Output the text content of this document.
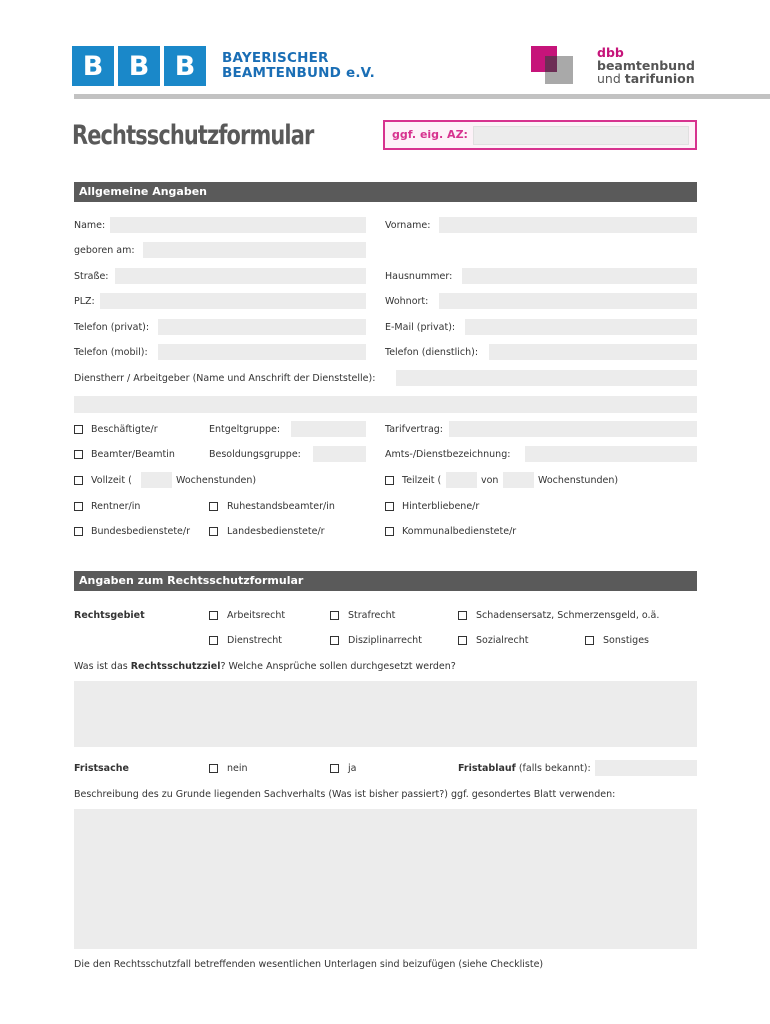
B B B	BAYERISCHER
BEAMTENBUND e.V.
dbb
beamtenbund
und tarifunion
Rechtsschutzformular	ggf. eig. AZ:
Allgemeine Angaben
Name:	Vorname:
geboren am:
Straße:	Hausnummer:
PLZ:	Wohnort:
Telefon (privat):	E-Mail (privat):
Telefon (mobil):	Telefon (dienstlich):
Dienstherr / Arbeitgeber (Name und Anschrift der Dienststelle):
Beschäftigte/r	Entgeltgruppe:	Tarifvertrag:
Beamter/Beamtin	Besoldungsgruppe:	Amts-/Dienstbezeichnung:
Vollzeit (	Wochenstunden)	Teilzeit (	von	Wochenstunden)
Rentner/in	Ruhestandsbeamter/in	Hinterbliebene/r
Bundesbedienstete/r	Landesbedienstete/r	Kommunalbedienstete/r
Angaben zum Rechtsschutzformular
Rechtsgebiet	Arbeitsrecht	Strafrecht	Schadensersatz, Schmerzensgeld, o.ä.
Dienstrecht	Disziplinarrecht	Sozialrecht	Sonstiges
Was ist das Rechtsschutzziel? Welche Ansprüche sollen durchgesetzt werden?
Fristsache	nein	ja	Fristablauf (falls bekannt):
Beschreibung des zu Grunde liegenden Sachverhalts (Was ist bisher passiert?) ggf. gesondertes Blatt verwenden:
Die den Rechtsschutzfall betreffenden wesentlichen Unterlagen sind beizufügen (siehe Checkliste)
